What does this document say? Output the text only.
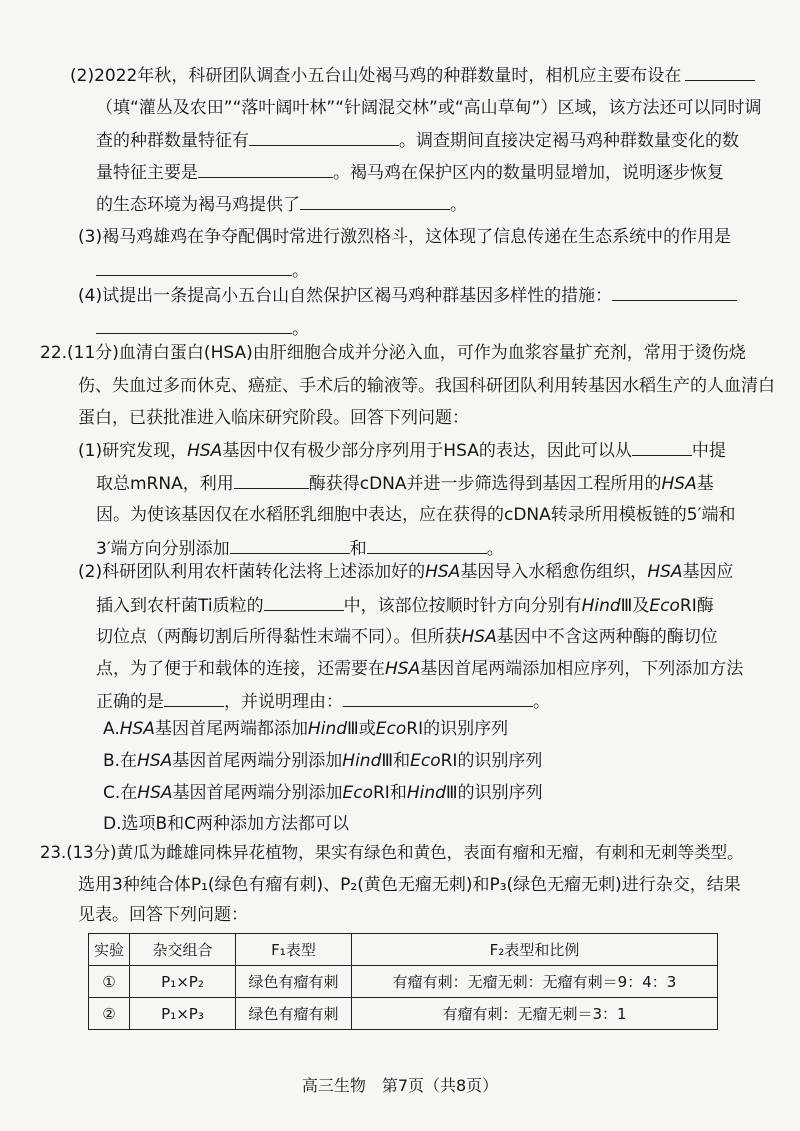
(2)2022年秋，科研团队调查小五台山处褐马鸡的种群数量时，相机应主要布设在
（填“灌丛及农田”“落叶阔叶林”“针阔混交林”或“高山草甸”）区域，该方法还可以同时调
查的种群数量特征有	。调查期间直接决定褐马鸡种群数量变化的数
量特征主要是	。褐马鸡在保护区内的数量明显增加，说明逐步恢复
的生态环境为褐马鸡提供了	。
(3)褐马鸡雄鸡在争夺配偶时常进行激烈格斗，这体现了信息传递在生态系统中的作用是
。
(4)试提出一条提高小五台山自然保护区褐马鸡种群基因多样性的措施：
。
22.(11分)血清白蛋白(HSA)由肝细胞合成并分泌入血，可作为血浆容量扩充剂，常用于烫伤烧
伤、失血过多而休克、癌症、手术后的输液等。我国科研团队利用转基因水稻生产的人血清白
蛋白，已获批准进入临床研究阶段。回答下列问题：
(1)研究发现，HSA基因中仅有极少部分序列用于HSA的表达，因此可以从	中提
取总mRNA，利用	酶获得cDNA并进一步筛选得到基因工程所用的HSA基
因。为使该基因仅在水稻胚乳细胞中表达，应在获得的cDNA转录所用模板链的5′端和
3′端方向分别添加	和	。
(2)科研团队利用农杆菌转化法将上述添加好的HSA基因导入水稻愈伤组织，HSA基因应
插入到农杆菌Ti质粒的	中，该部位按顺时针方向分别有HindⅢ及EcoRⅠ酶
切位点（两酶切割后所得黏性末端不同）。但所获HSA基因中不含这两种酶的酶切位
点，为了便于和载体的连接，还需要在HSA基因首尾两端添加相应序列，下列添加方法
正确的是	，并说明理由：	。
A.HSA基因首尾两端都添加HindⅢ或EcoRⅠ的识别序列
B.在HSA基因首尾两端分别添加HindⅢ和EcoRⅠ的识别序列
C.在HSA基因首尾两端分别添加EcoRⅠ和HindⅢ的识别序列
D.选项B和C两种添加方法都可以
23.(13分)黄瓜为雌雄同株异花植物，果实有绿色和黄色，表面有瘤和无瘤，有刺和无刺等类型。
选用3种纯合体P₁(绿色有瘤有刺)、P₂(黄色无瘤无刺)和P₃(绿色无瘤无刺)进行杂交，结果
见表。回答下列问题：
实验	杂交组合	F₁表型	F₂表型和比例
①	P₁×P₂	绿色有瘤有刺	有瘤有刺：无瘤无刺：无瘤有刺＝9：4：3
②	P₁×P₃	绿色有瘤有刺	有瘤有刺：无瘤无刺＝3：1
高三生物　第7页（共8页）
